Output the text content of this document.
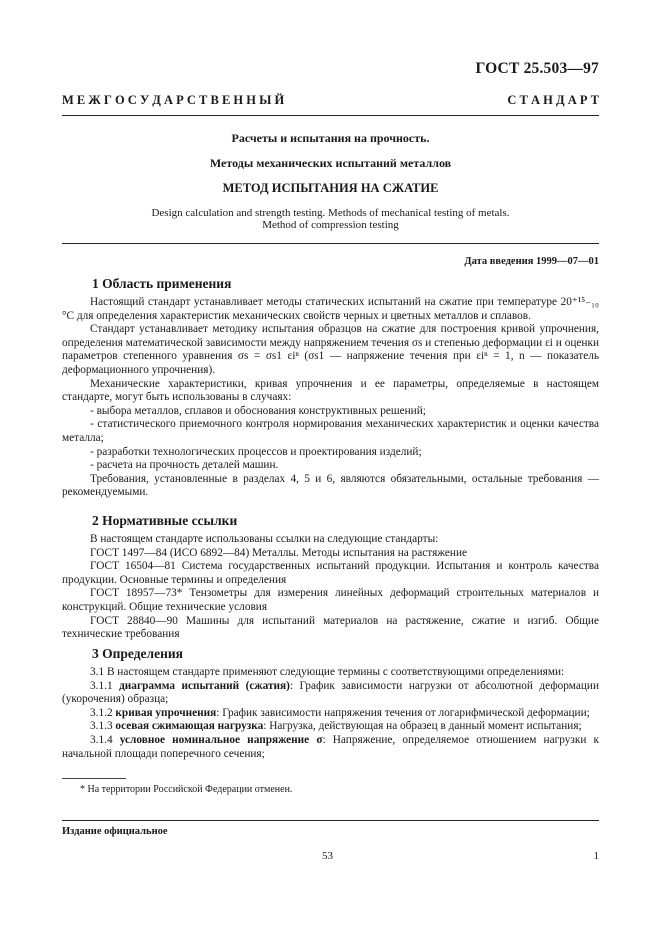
ГОСТ 25.503—97
М Е Ж Г О С У Д А Р С Т В Е Н Н Ы Й	С Т А Н Д А Р Т
Расчеты и испытания на прочность.
Методы механических испытаний металлов
МЕТОД ИСПЫТАНИЯ НА СЖАТИЕ
Design calculation and strength testing. Methods of mechanical testing of metals.
Method of compression testing
Дата введения 1999—07—01
1 Область применения
Настоящий стандарт устанавливает методы статических испытаний на сжатие при температуре 20⁺¹⁵₋₁₀ °С для определения характеристик механических свойств черных и цветных металлов и сплавов.
Стандарт устанавливает методику испытания образцов на сжатие для построения кривой упрочнения, определения математической зависимости между напряжением течения σs и степенью деформации εi и оценки параметров степенного уравнения σs = σs1 εiⁿ (σs1 — напряжение течения при εiⁿ = 1, n — показатель деформационного упрочнения).
Механические характеристики, кривая упрочнения и ее параметры, определяемые в настоящем стандарте, могут быть использованы в случаях:
- выбора металлов, сплавов и обоснования конструктивных решений;
- статистического приемочного контроля нормирования механических характеристик и оценки качества металла;
- разработки технологических процессов и проектирования изделий;
- расчета на прочность деталей машин.
Требования, установленные в разделах 4, 5 и 6, являются обязательными, остальные требования — рекомендуемыми.
2 Нормативные ссылки
В настоящем стандарте использованы ссылки на следующие стандарты:
ГОСТ 1497—84 (ИСО 6892—84) Металлы. Методы испытания на растяжение
ГОСТ 16504—81 Система государственных испытаний продукции. Испытания и контроль качества продукции. Основные термины и определения
ГОСТ 18957—73* Тензометры для измерения линейных деформаций строительных материалов и конструкций. Общие технические условия
ГОСТ 28840—90 Машины для испытаний материалов на растяжение, сжатие и изгиб. Общие технические требования
3 Определения
3.1 В настоящем стандарте применяют следующие термины с соответствующими определениями:
3.1.1 диаграмма испытаний (сжатия): График зависимости нагрузки от абсолютной деформации (укорочения) образца;
3.1.2 кривая упрочнения: График зависимости напряжения течения от логарифмической деформации;
3.1.3 осевая сжимающая нагрузка: Нагрузка, действующая на образец в данный момент испытания;
3.1.4 условное номинальное напряжение σ: Напряжение, определяемое отношением нагрузки к начальной площади поперечного сечения;
* На территории Российской Федерации отменен.
Издание официальное
53	1
